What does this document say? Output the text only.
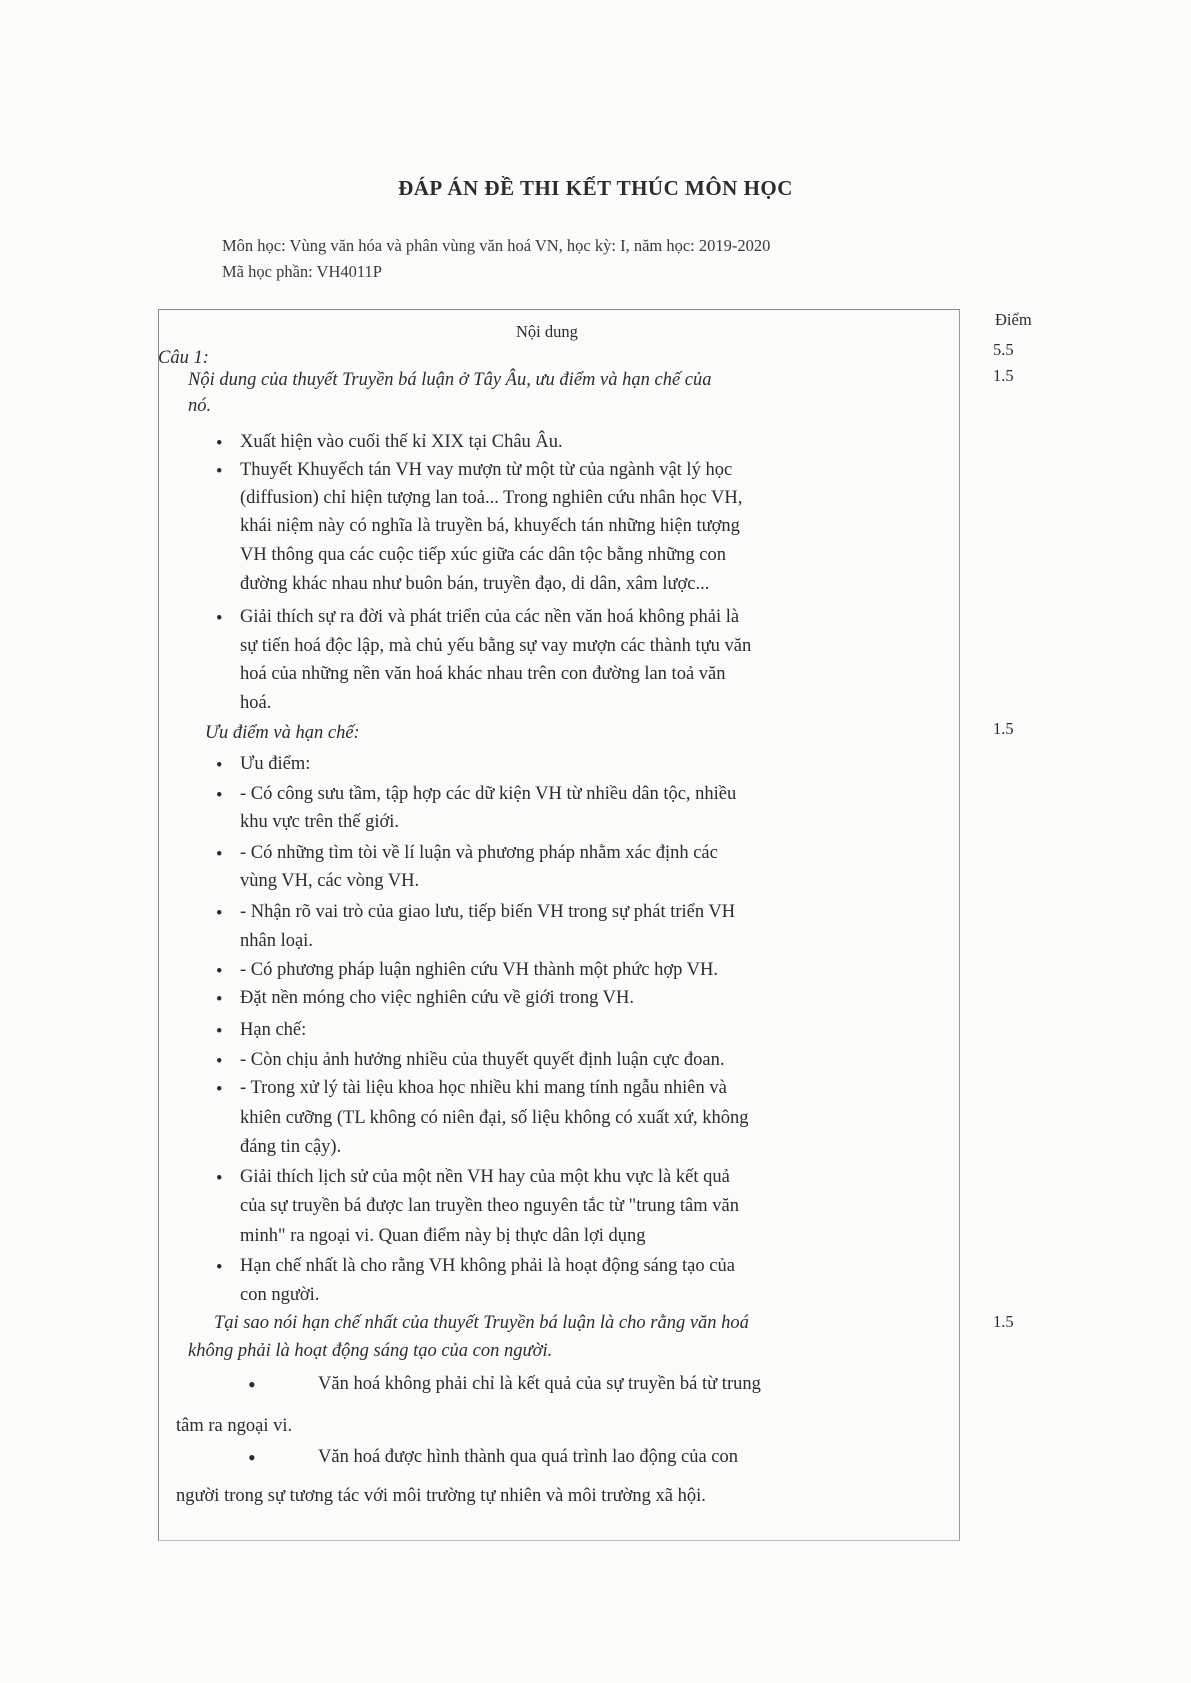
ĐÁP ÁN ĐỀ THI KẾT THÚC MÔN HỌC
Môn học: Vùng văn hóa và phân vùng văn hoá VN, học kỳ: I, năm học: 2019-2020
Mã học phần: VH4011P
Nội dung
Điểm
5.5
1.5
1.5
1.5
Câu 1:
Nội dung của thuyết Truyền bá luận ở Tây Âu, ưu điểm và hạn chế của
nó.
• Xuất hiện vào cuối thế kỉ XIX tại Châu Âu.
• Thuyết Khuyếch tán VH vay mượn từ một từ của ngành vật lý học
(diffusion) chỉ hiện tượng lan toả... Trong nghiên cứu nhân học VH,
khái niệm này có nghĩa là truyền bá, khuyếch tán những hiện tượng
VH thông qua các cuộc tiếp xúc giữa các dân tộc bằng những con
đường khác nhau như buôn bán, truyền đạo, di dân, xâm lược...
• Giải thích sự ra đời và phát triển của các nền văn hoá không phải là
sự tiến hoá độc lập, mà chủ yếu bằng sự vay mượn các thành tựu văn
hoá của những nền văn hoá khác nhau trên con đường lan toả văn
hoá.
Ưu điểm và hạn chế:
• Ưu điểm:
• - Có công sưu tầm, tập hợp các dữ kiện VH từ nhiều dân tộc, nhiều
khu vực trên thế giới.
• - Có những tìm tòi về lí luận và phương pháp nhằm xác định các
vùng VH, các vòng VH.
• - Nhận rõ vai trò của giao lưu, tiếp biến VH trong sự phát triển VH
nhân loại.
• - Có phương pháp luận nghiên cứu VH thành một phức hợp VH.
• Đặt nền móng cho việc nghiên cứu về giới trong VH.
• Hạn chế:
• - Còn chịu ảnh hưởng nhiều của thuyết quyết định luận cực đoan.
• - Trong xử lý tài liệu khoa học nhiều khi mang tính ngẫu nhiên và
khiên cưỡng (TL không có niên đại, số liệu không có xuất xứ, không
đáng tin cậy).
• Giải thích lịch sử của một nền VH hay của một khu vực là kết quả
của sự truyền bá được lan truyền theo nguyên tắc từ "trung tâm văn
minh" ra ngoại vi. Quan điểm này bị thực dân lợi dụng
• Hạn chế nhất là cho rằng VH không phải là hoạt động sáng tạo của
con người.
Tại sao nói hạn chế nhất của thuyết Truyền bá luận là cho rằng văn hoá
không phải là hoạt động sáng tạo của con người.
•	Văn hoá không phải chỉ là kết quả của sự truyền bá từ trung
tâm ra ngoại vi.
•	Văn hoá được hình thành qua quá trình lao động của con
người trong sự tương tác với môi trường tự nhiên và môi trường xã hội.
